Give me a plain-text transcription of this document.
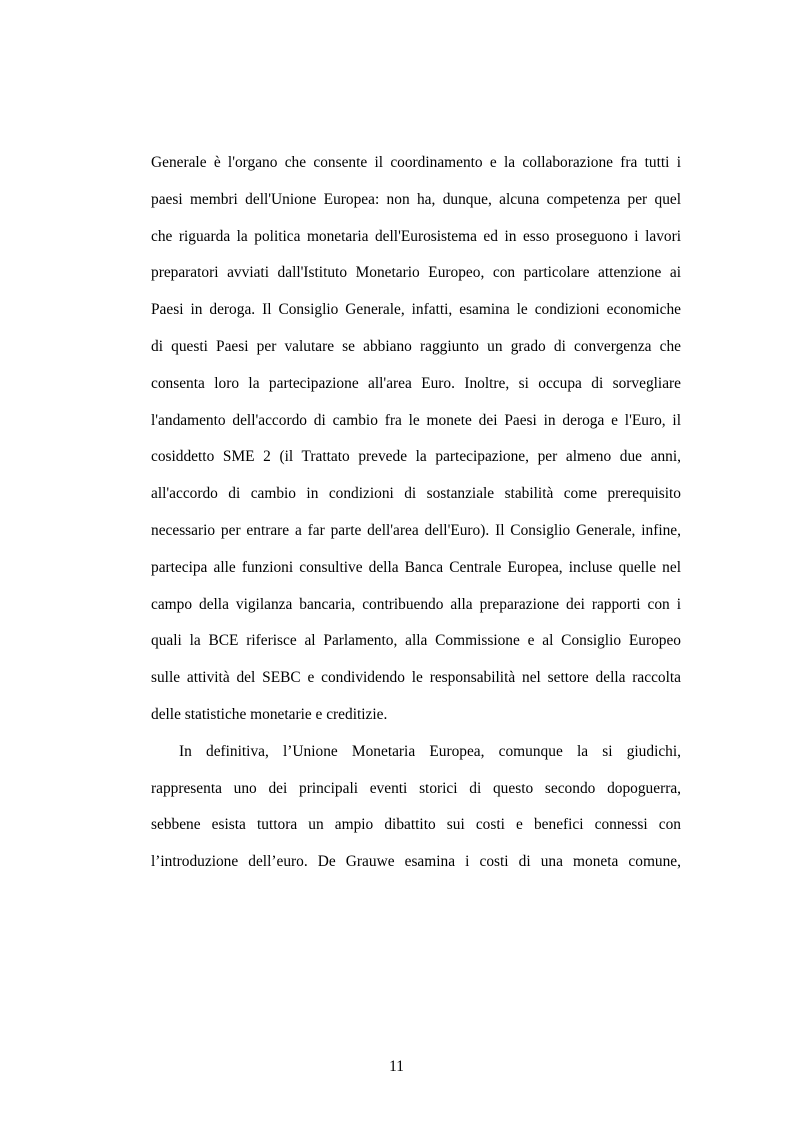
Generale è l'organo che consente il coordinamento e la collaborazione fra tutti i
paesi membri dell'Unione Europea: non ha, dunque, alcuna competenza per quel
che riguarda la politica monetaria dell'Eurosistema ed in esso proseguono i lavori
preparatori avviati dall'Istituto Monetario Europeo, con particolare attenzione ai
Paesi in deroga. Il Consiglio Generale, infatti, esamina le condizioni economiche
di questi Paesi per valutare se abbiano raggiunto un grado di convergenza che
consenta loro la partecipazione all'area Euro. Inoltre, si occupa di sorvegliare
l'andamento dell'accordo di cambio fra le monete dei Paesi in deroga e l'Euro, il
cosiddetto SME 2 (il Trattato prevede la partecipazione, per almeno due anni,
all'accordo di cambio in condizioni di sostanziale stabilità come prerequisito
necessario per entrare a far parte dell'area dell'Euro). Il Consiglio Generale, infine,
partecipa alle funzioni consultive della Banca Centrale Europea, incluse quelle nel
campo della vigilanza bancaria, contribuendo alla preparazione dei rapporti con i
quali la BCE riferisce al Parlamento, alla Commissione e al Consiglio Europeo
sulle attività del SEBC e condividendo le responsabilità nel settore della raccolta
delle statistiche monetarie e creditizie.
In definitiva, l’Unione Monetaria Europea, comunque la si giudichi,
rappresenta uno dei principali eventi storici di questo secondo dopoguerra,
sebbene esista tuttora un ampio dibattito sui costi e benefici connessi con
l’introduzione dell’euro. De Grauwe esamina i costi di una moneta comune,
11
